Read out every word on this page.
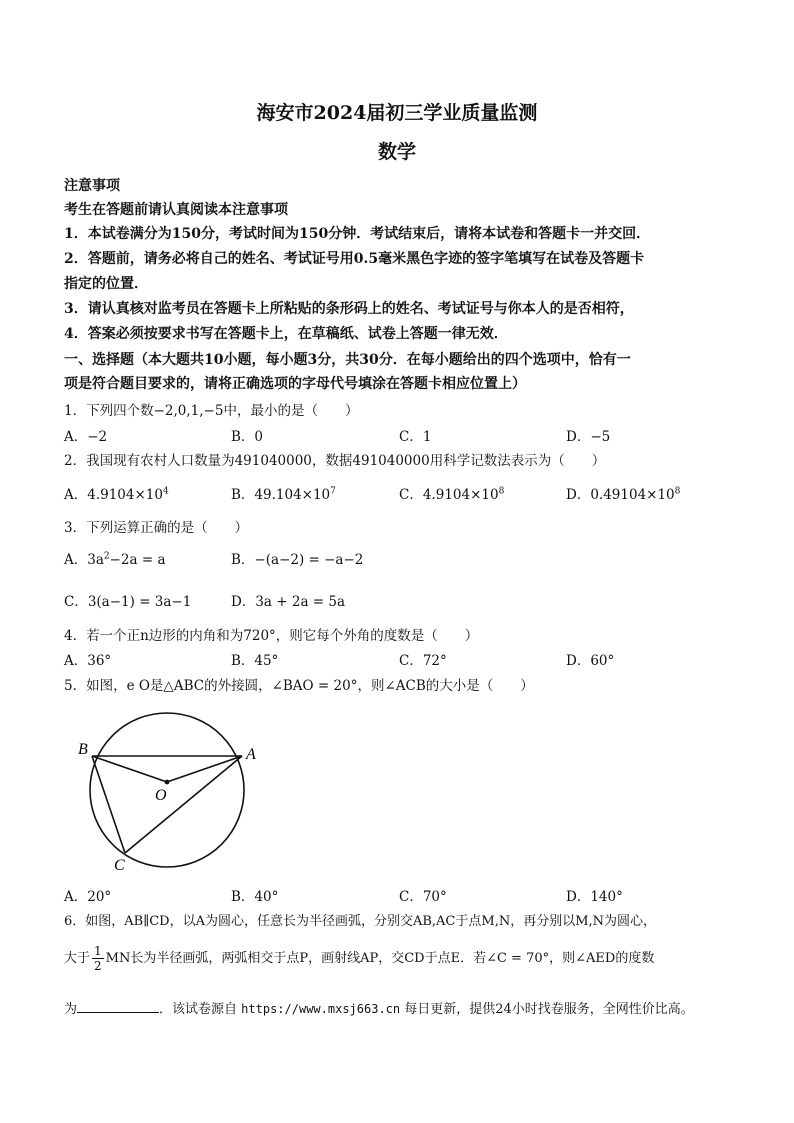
海安市2024届初三学业质量监测
数学
注意事项
考生在答题前请认真阅读本注意事项
1．本试卷满分为150分，考试时间为150分钟．考试结束后，请将本试卷和答题卡一并交回．
2．答题前，请务必将自己的姓名、考试证号用0.5毫米黑色字迹的签字笔填写在试卷及答题卡
指定的位置．
3．请认真核对监考员在答题卡上所粘贴的条形码上的姓名、考试证号与你本人的是否相符，
4．答案必须按要求书写在答题卡上，在草稿纸、试卷上答题一律无效．
一、选择题（本大题共10小题，每小题3分，共30分．在每小题给出的四个选项中，恰有一
项是符合题目要求的，请将正确选项的字母代号填涂在答题卡相应位置上）
1．下列四个数−2,0,1,−5中，最小的是（　　）
A．−2	B．0	C．1	D．−5
2．我国现有农村人口数量为491040000，数据491040000用科学记数法表示为（　　）
A．$4.9104\times 10^4$	B．$49.104\times 10^7$	C．$4.9104\times 10^8$	D．$0.49104\times 10^8$
3．下列运算正确的是（　　）
A．$3a^2-2a = a$	B．−(a−2) = −a−2
C．3(a−1) = 3a−1	D．3a + 2a = 5a
4．若一个正n边形的内角和为720°，则它每个外角的度数是（　　）
A．36°	B．45°	C．72°	D．60°
5．如图，e O是△ABC的外接圆，∠BAO = 20°，则∠ACB的大小是（　　）
B	A
O
C
A．20°	B．40°	C．70°	D．140°
6．如图，AB∥CD，以A为圆心，任意长为半径画弧，分别交AB,AC于点M,N，再分别以M,N为圆心，
大于 $\frac{1}{2}$ MN长为半径画弧，两弧相交于点P，画射线AP，交CD于点E．若∠C = 70°，则∠AED的度数
为	．该试卷源自 https://www.mxsj663.cn 每日更新，提供24小时找卷服务，全网性价比高。
